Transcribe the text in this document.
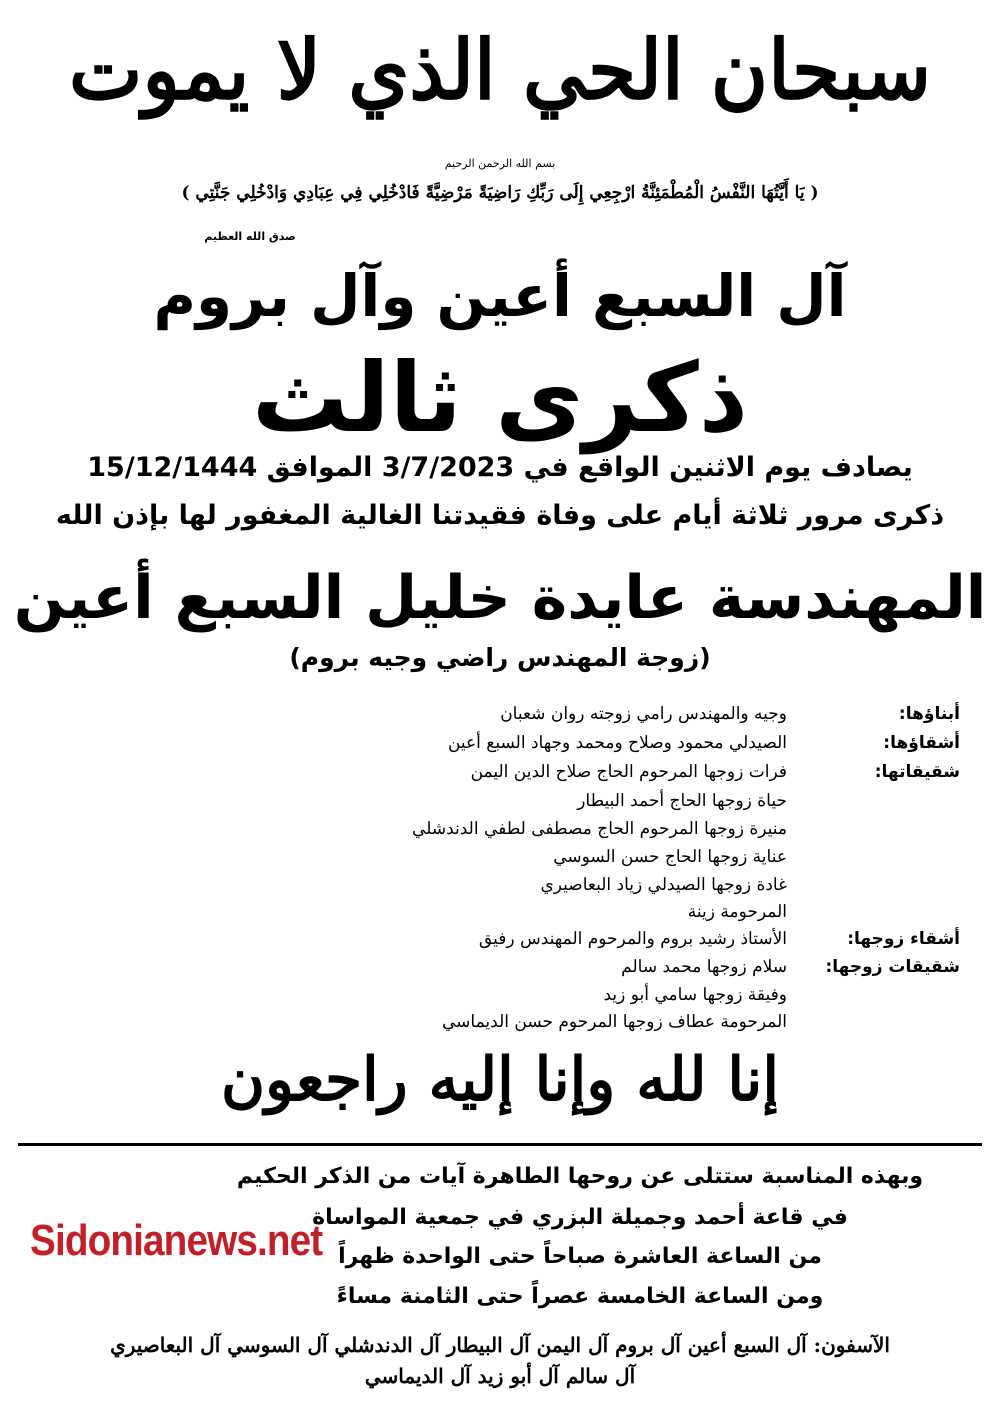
سبحان الحي الذي لا يموت
بسم الله الرحمن الرحيم
( يَا أَيَّتُهَا النَّفْسُ الْمُطْمَئِنَّةُ ارْجِعِي إِلَى رَبِّكِ رَاضِيَةً مَرْضِيَّةً فَادْخُلِي فِي عِبَادِي وَادْخُلِي جَنَّتِي )
صدق الله العظيم
آل السبع أعين وآل بروم
ذكرى ثالث
يصادف يوم الاثنين الواقع في 3/7/2023 الموافق 15/12/1444
ذكرى مرور ثلاثة أيام على وفاة فقيدتنا الغالية المغفور لها بإذن الله
المهندسة عايدة خليل السبع أعين
(زوجة المهندس راضي وجيه بروم)
أبناؤها:
وجيه والمهندس رامي زوجته روان شعبان
أشقاؤها:
الصيدلي محمود وصلاح ومحمد وجهاد السبع أعين
شقيقاتها:
فرات زوجها المرحوم الحاج صلاح الدين اليمن
حياة زوجها الحاج أحمد البيطار
منيرة زوجها المرحوم الحاج مصطفى لطفي الدندشلي
عناية زوجها الحاج حسن السوسي
غادة زوجها الصيدلي زياد البعاصيري
المرحومة زينة
أشقاء زوجها:
الأستاذ رشيد بروم والمرحوم المهندس رفيق
شقيقات زوجها:
سلام زوجها محمد سالم
وفيقة زوجها سامي أبو زيد
المرحومة عطاف زوجها المرحوم حسن الديماسي
إنا لله وإنا إليه راجعون
وبهذه المناسبة ستتلى عن روحها الطاهرة آيات من الذكر الحكيم
في قاعة أحمد وجميلة البزري في جمعية المواساة
من الساعة العاشرة صباحاً حتى الواحدة ظهراً
ومن الساعة الخامسة عصراً حتى الثامنة مساءً
Sidonianews.net
الآسفون: آل السبع أعين آل بروم آل اليمن آل البيطار آل الدندشلي آل السوسي آل البعاصيري
آل سالم آل أبو زيد آل الديماسي
